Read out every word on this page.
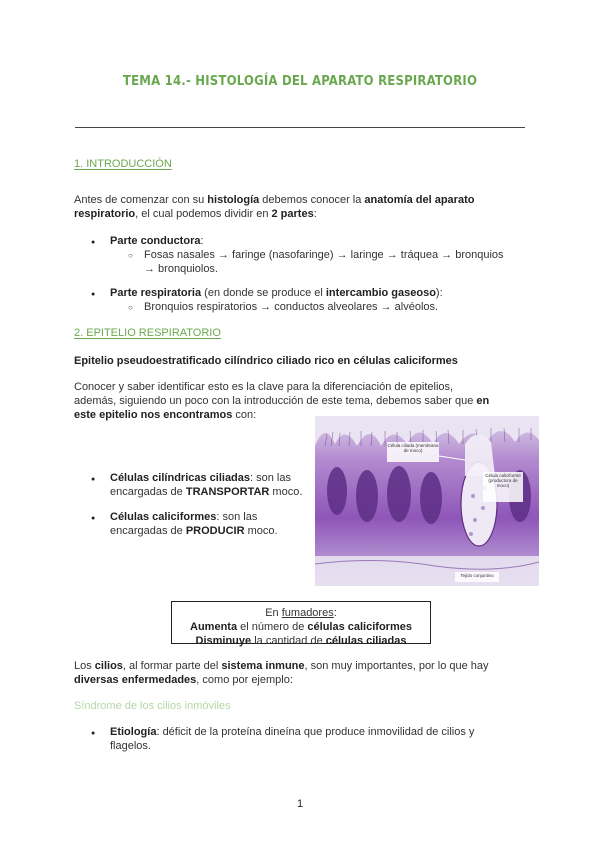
TEMA 14.- HISTOLOGÍA DEL APARATO RESPIRATORIO
1. INTRODUCCIÓN
Antes de comenzar con su histología debemos conocer la anatomía del aparato
respiratorio, el cual podemos dividir en 2 partes:
● Parte conductora:
○ Fosas nasales → faringe (nasofaringe) → laringe → tráquea → bronquios
→ bronquiolos.
● Parte respiratoria (en donde se produce el intercambio gaseoso):
○ Bronquios respiratorios → conductos alveolares → alvéolos.
2. EPITELIO RESPIRATORIO
Epitelio pseudoestratificado cilíndrico ciliado rico en células caliciformes
Conocer y saber identificar esto es la clave para la diferenciación de epitelios,
además, siguiendo un poco con la introducción de este tema, debemos saber que en
este epitelio nos encontramos con:
● Células cilíndricas ciliadas: son las
encargadas de TRANSPORTAR moco.
● Células caliciformes: son las
encargadas de PRODUCIR moco.
Célula ciliada (membrana de moco)
Célula caliciforme (productora de moco)
Tejido conjuntivo
En fumadores:
Aumenta el número de células caliciformes
Disminuye la cantidad de células ciliadas
Los cilios, al formar parte del sistema inmune, son muy importantes, por lo que hay
diversas enfermedades, como por ejemplo:
Síndrome de los cilios inmóviles
● Etiología: déficit de la proteína dineína que produce inmovilidad de cilios y
flagelos.
1
